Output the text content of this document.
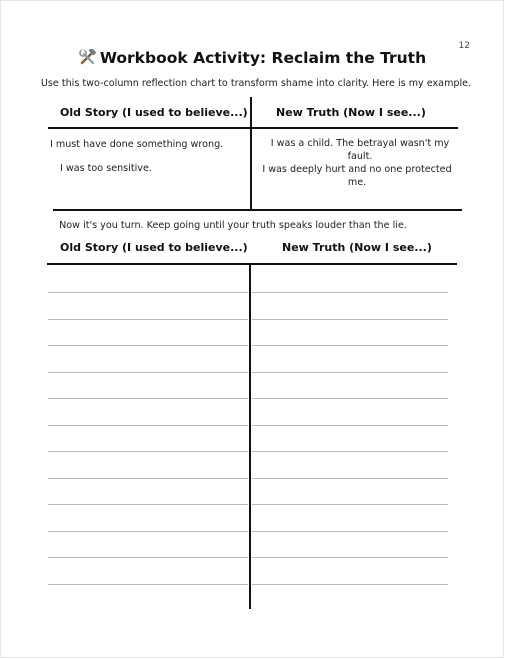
12
Workbook Activity: Reclaim the Truth
Use this two-column reflection chart to transform shame into clarity. Here is my example.
Old Story (I used to believe...)	New Truth (Now I see...)
I must have done something wrong.
I was too sensitive.
I was a child. The betrayal wasn't my fault.
I was deeply hurt and no one protected me.
Now it's you turn. Keep going until your truth speaks louder than the lie.
Old Story (I used to believe...)	New Truth (Now I see...)
